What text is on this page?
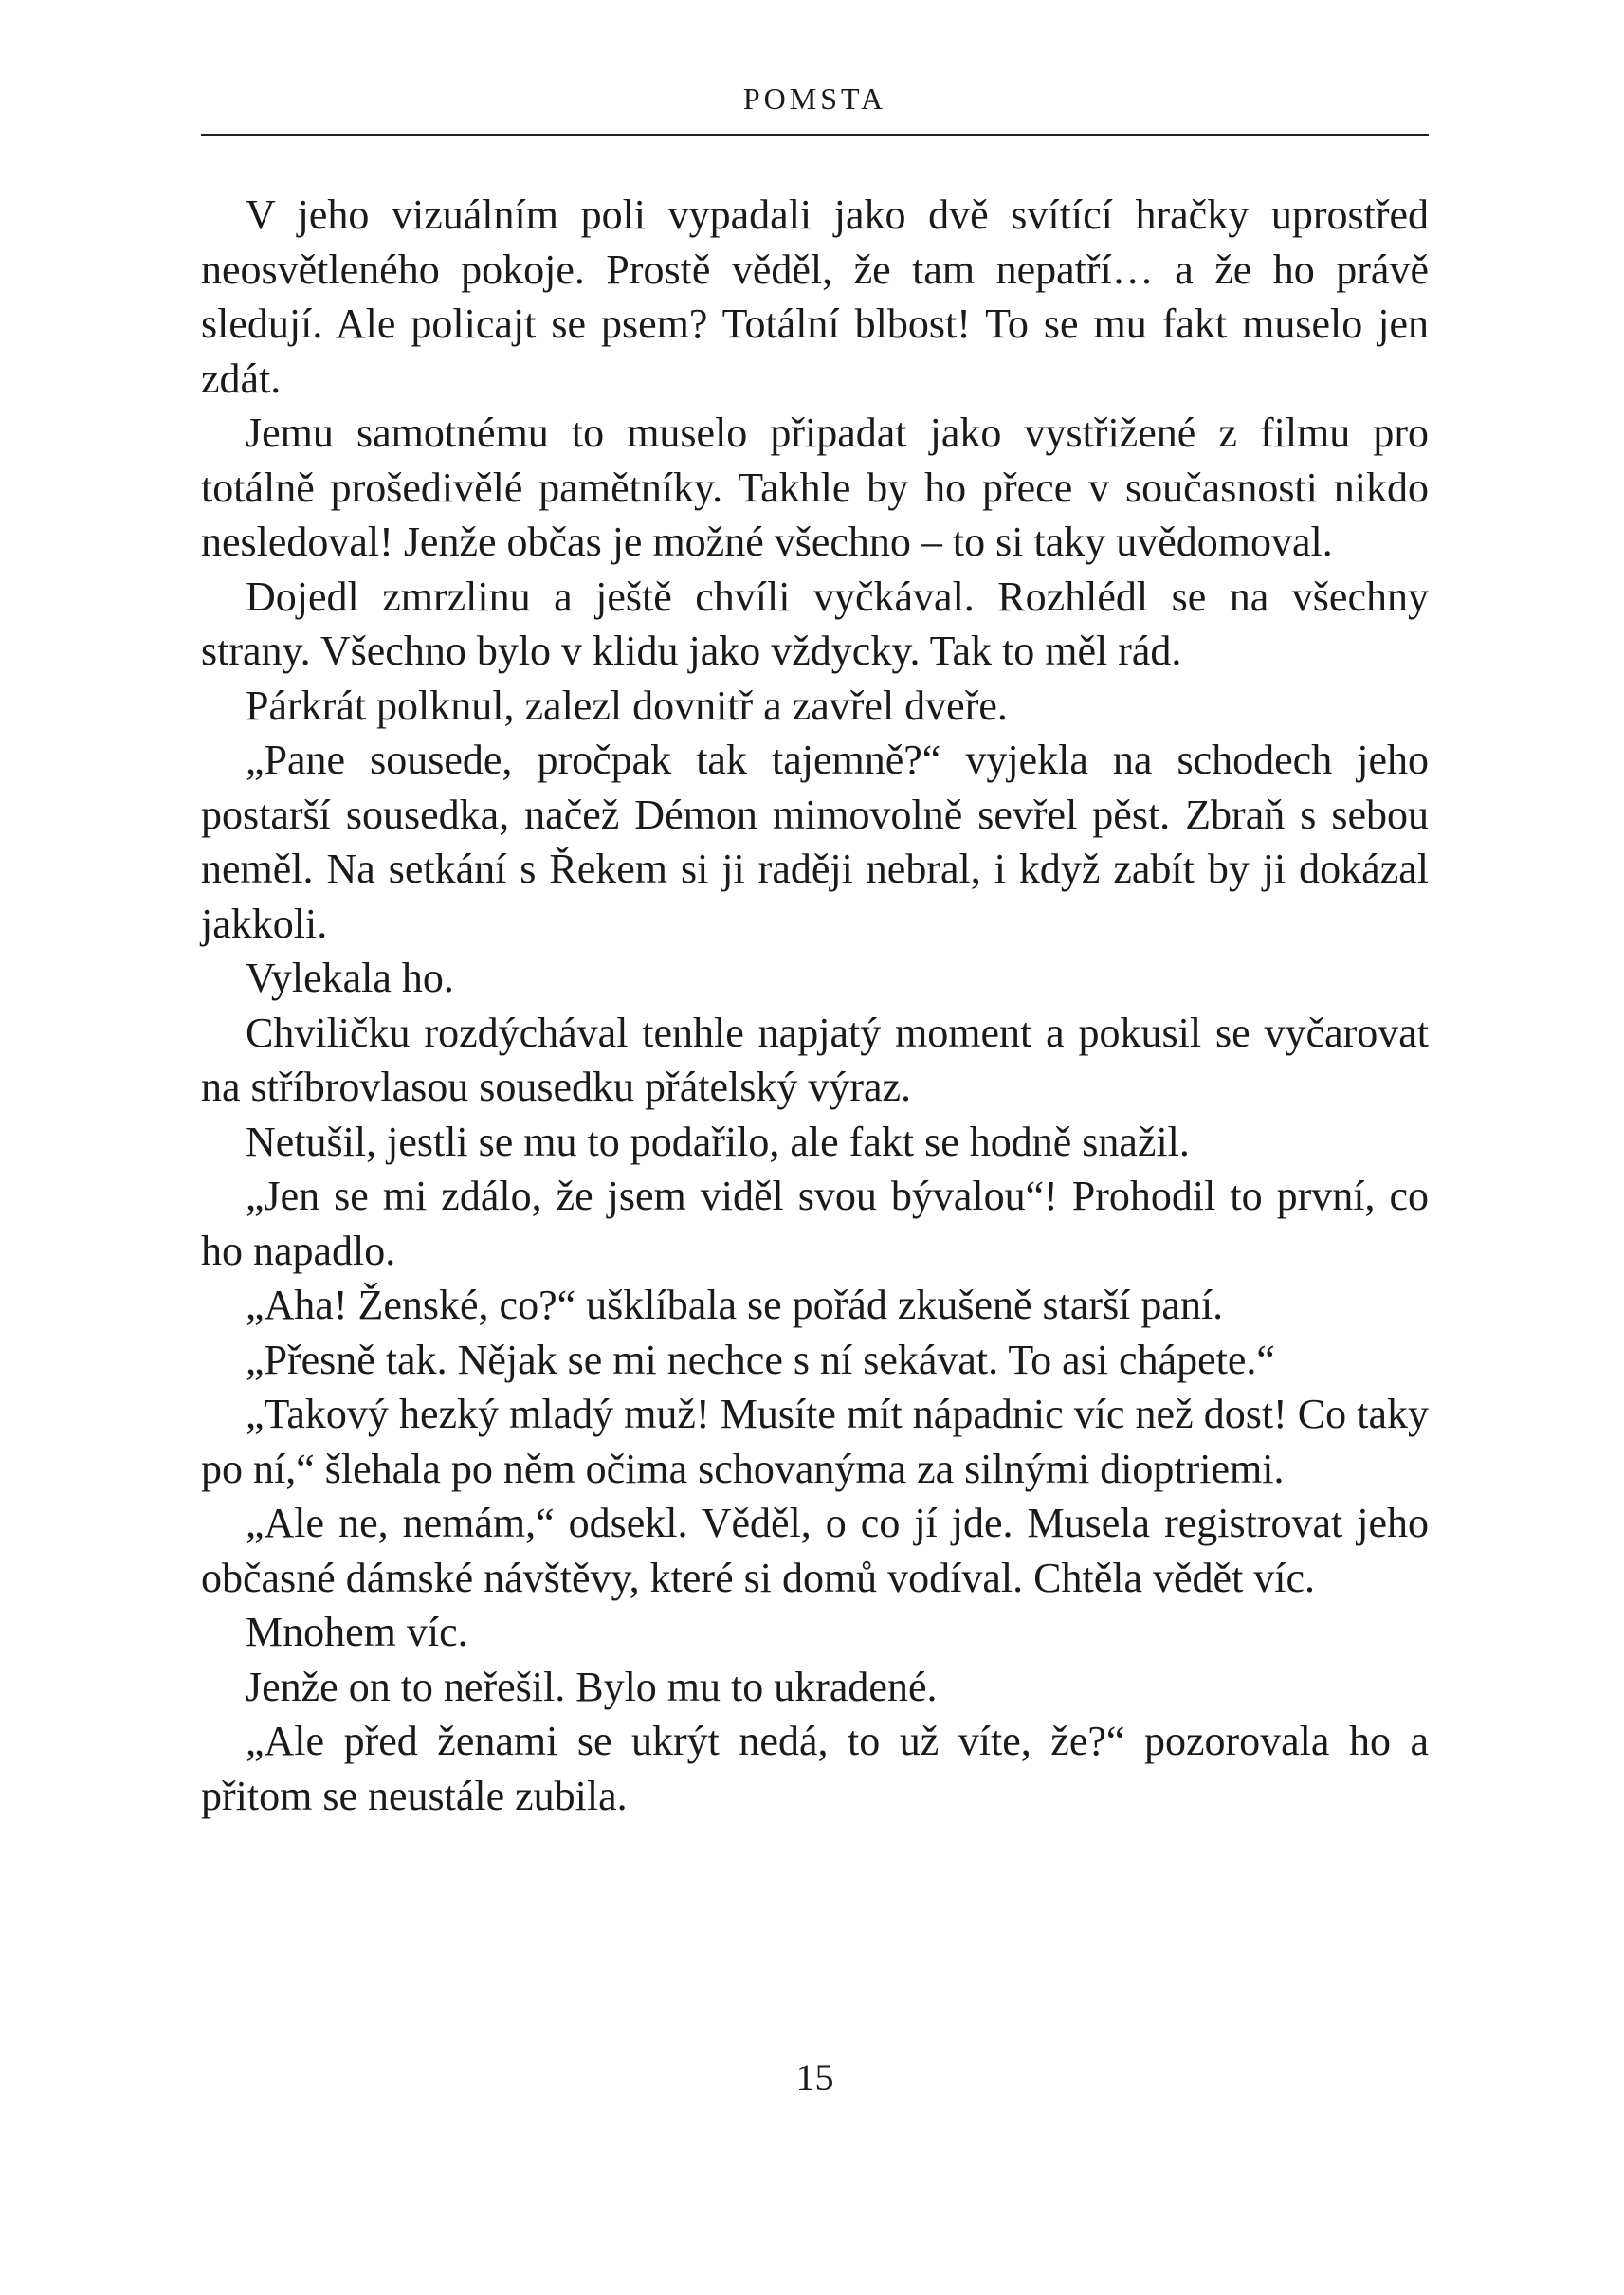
POMSTA

V jeho vizuálním poli vypadali jako dvě svítící hračky uprostřed neosvětleného pokoje. Prostě věděl, že tam nepatří… a že ho právě sledují. Ale policajt se psem? Totální blbost! To se mu fakt muselo jen zdát.

Jemu samotnému to muselo připadat jako vystřižené z filmu pro totálně prošedivělé pamětníky. Takhle by ho přece v současnosti nikdo nesledoval! Jenže občas je možné všechno – to si taky uvědomoval.

Dojedl zmrzlinu a ještě chvíli vyčkával. Rozhlédl se na všechny strany. Všechno bylo v klidu jako vždycky. Tak to měl rád.

Párkrát polknul, zalezl dovnitř a zavřel dveře.

„Pane sousede, pročpak tak tajemně?“ vyjekla na schodech jeho postarší sousedka, načež Démon mimovolně sevřel pěst. Zbraň s sebou neměl. Na setkání s Řekem si ji raději nebral, i když zabít by ji dokázal jakkoli.

Vylekala ho.

Chviličku rozdýchával tenhle napjatý moment a pokusil se vyčarovat na stříbrovlasou sousedku přátelský výraz.

Netušil, jestli se mu to podařilo, ale fakt se hodně snažil.

„Jen se mi zdálo, že jsem viděl svou bývalou“! Prohodil to první, co ho napadlo.

„Aha! Ženské, co?“ ušklíbala se pořád zkušeně starší paní.

„Přesně tak. Nějak se mi nechce s ní sekávat. To asi chápete.“

„Takový hezký mladý muž! Musíte mít nápadnic víc než dost! Co taky po ní,“ šlehala po něm očima schovanýma za silnými dioptriemi.

„Ale ne, nemám,“ odsekl. Věděl, o co jí jde. Musela registrovat jeho občasné dámské návštěvy, které si domů vodíval. Chtěla vědět víc.

Mnohem víc.

Jenže on to neřešil. Bylo mu to ukradené.

„Ale před ženami se ukrýt nedá, to už víte, že?“ pozorovala ho a přitom se neustále zubila.

15
